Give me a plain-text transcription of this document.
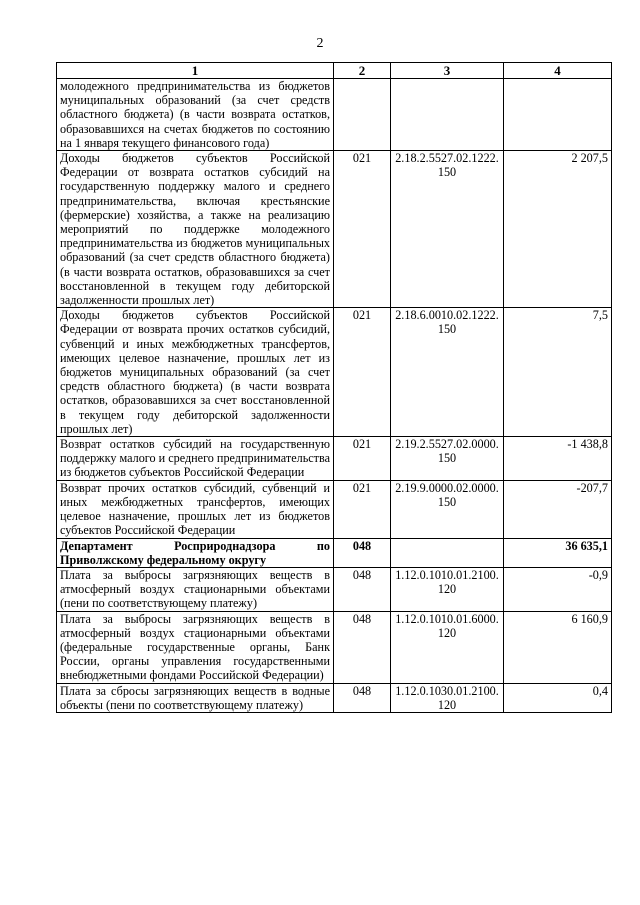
2
1	2	3	4
молодежного предпринимательства из бюджетов муниципальных образований (за счет средств областного бюджета) (в части возврата остатков, образовавшихся на счетах бюджетов по состоянию на 1 января текущего финансового года)			
Доходы бюджетов субъектов Российской Федерации от возврата остатков субсидий на государственную поддержку малого и среднего предпринимательства, включая крестьянские (фермерские) хозяйства, а также на реализацию мероприятий по поддержке молодежного предпринимательства из бюджетов муниципальных образований (за счет средств областного бюджета) (в части возврата остатков, образовавшихся за счет восстановленной в текущем году дебиторской задолженности прошлых лет)	021	2.18.2.5527.02.1222. 150	2 207,5
Доходы бюджетов субъектов Российской Федерации от возврата прочих остатков субсидий, субвенций и иных межбюджетных трансфертов, имеющих целевое назначение, прошлых лет из бюджетов муниципальных образований (за счет средств областного бюджета) (в части возврата остатков, образовавшихся за счет восстановленной в текущем году дебиторской задолженности прошлых лет)	021	2.18.6.0010.02.1222. 150	7,5
Возврат остатков субсидий на государственную поддержку малого и среднего предпринимательства из бюджетов субъектов Российской Федерации	021	2.19.2.5527.02.0000. 150	-1 438,8
Возврат прочих остатков субсидий, субвенций и иных межбюджетных трансфертов, имеющих целевое назначение, прошлых лет из бюджетов субъектов Российской Федерации	021	2.19.9.0000.02.0000. 150	-207,7
Департамент Росприроднадзора по Приволжскому федеральному округу	048		36 635,1
Плата за выбросы загрязняющих веществ в атмосферный воздух стационарными объектами (пени по соответствующему платежу)	048	1.12.0.1010.01.2100. 120	-0,9
Плата за выбросы загрязняющих веществ в атмосферный воздух стационарными объектами (федеральные государственные органы, Банк России, органы управления государственными внебюджетными фондами Российской Федерации)	048	1.12.0.1010.01.6000. 120	6 160,9
Плата за сбросы загрязняющих веществ в водные объекты (пени по соответствующему платежу)	048	1.12.0.1030.01.2100. 120	0,4
